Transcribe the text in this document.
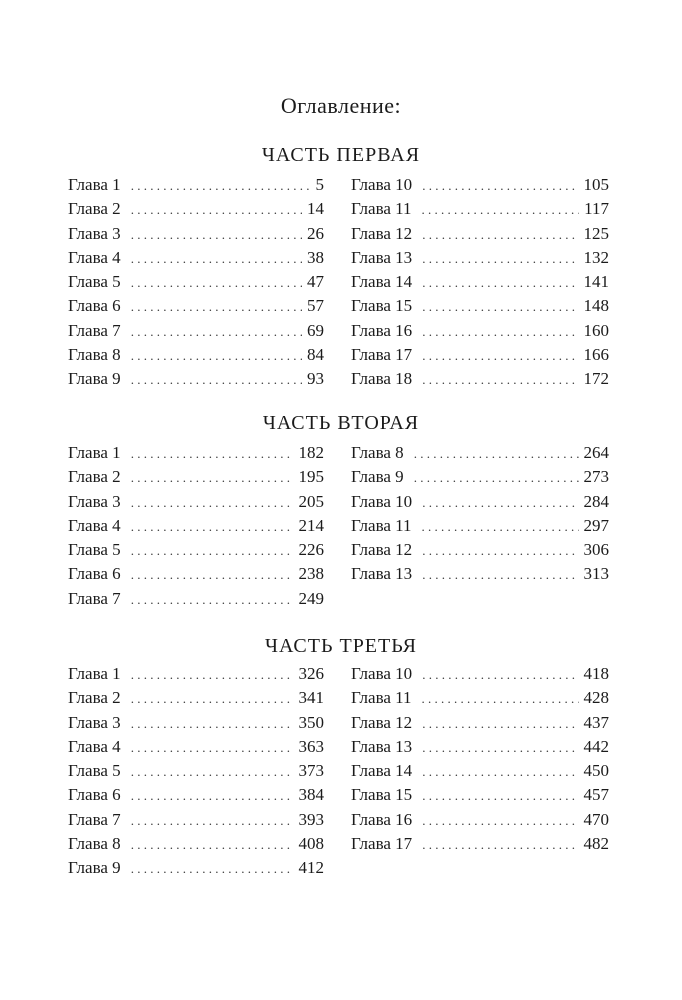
Оглавление:
ЧАСТЬ ПЕРВАЯ
Глава 1 . . .	5
Глава 2 . . .	14
Глава 3 . . .	26
Глава 4 . . .	38
Глава 5 . . .	47
Глава 6 . . .	57
Глава 7 . . .	69
Глава 8 . . .	84
Глава 9 . . .	93
Глава 10 . . .	105
Глава 11 . . .	117
Глава 12 . . .	125
Глава 13 . . .	132
Глава 14 . . .	141
Глава 15 . . .	148
Глава 16 . . .	160
Глава 17 . . .	166
Глава 18 . . .	172
ЧАСТЬ ВТОРАЯ
Глава 1 . . .	182
Глава 2 . . .	195
Глава 3 . . .	205
Глава 4 . . .	214
Глава 5 . . .	226
Глава 6 . . .	238
Глава 7 . . .	249
Глава 8 . . .	264
Глава 9 . . .	273
Глава 10 . . .	284
Глава 11 . . .	297
Глава 12 . . .	306
Глава 13 . . .	313
ЧАСТЬ ТРЕТЬЯ
Глава 1 . . .	326
Глава 2 . . .	341
Глава 3 . . .	350
Глава 4 . . .	363
Глава 5 . . .	373
Глава 6 . . .	384
Глава 7 . . .	393
Глава 8 . . .	408
Глава 9 . . .	412
Глава 10 . . .	418
Глава 11 . . .	428
Глава 12 . . .	437
Глава 13 . . .	442
Глава 14 . . .	450
Глава 15 . . .	457
Глава 16 . . .	470
Глава 17 . . .	482
